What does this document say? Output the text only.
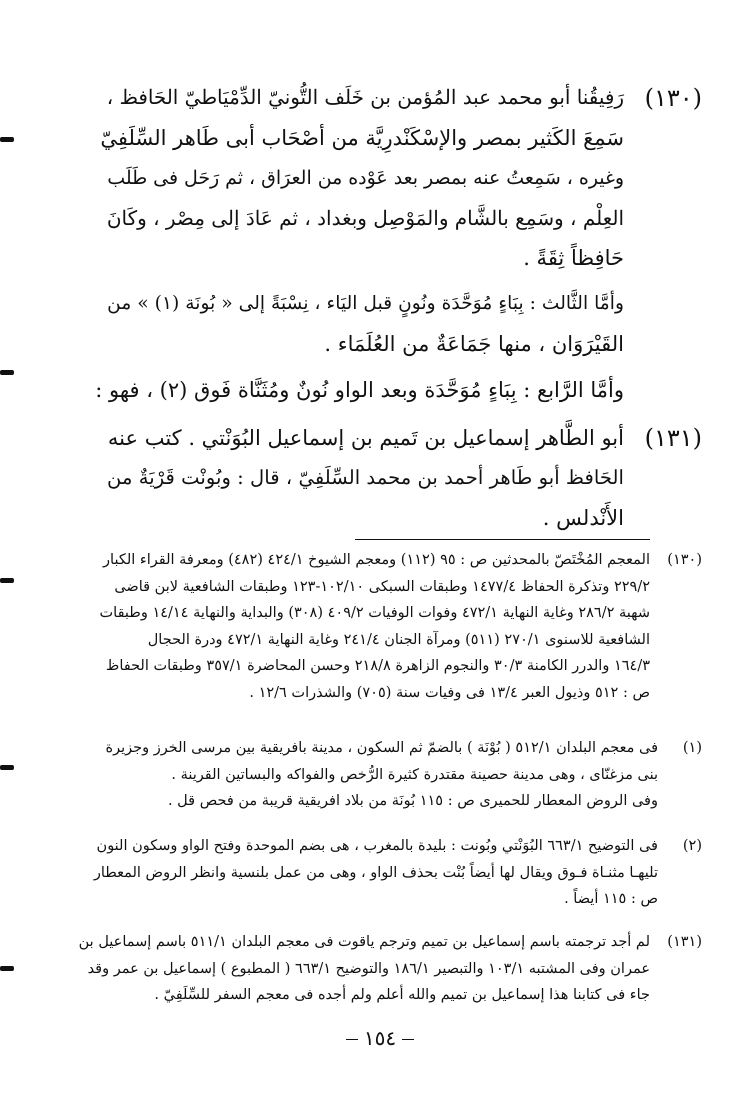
(١٣٠)
رَفِيقُنا أبو محمد عبد المُؤمن بن خَلَف التُّونيّ الدِّمْيَاطيّ الحَافظ ،
سَمِعَ الكَثير بمصر والإسْكَنْدرِيَّة من أصْحَاب أبى طَاهر السِّلَفِيّ
وغيره ، سَمِعتُ عنه بمصر بعد عَوْده من العرَاق ، ثم رَحَل فى طَلَب
العِلْم ، وسَمِع بالشَّام والمَوْصِل وبغداد ، ثم عَادَ إلى مِصْر ، وكَانَ
حَافِظاً ثِقَةً .
وأمَّا الثَّالث : بِبَاءٍ مُوَحَّدَة ونُونٍ قبل اليَاء ، نِسْبَةً إلى « بُونَة (١) » من
القَيْرَوَان ، منها جَمَاعَةٌ من العُلَمَاء .
وأمَّا الرَّابع : بِبَاءٍ مُوَحَّدَة وبعد الواو نُونٌ ومُثَنَّاة فَوق (٢) ، فهو :
(١٣١)
أبو الطَّاهر إسماعيل بن تَميم بن إسماعيل البُوَنْتي . كتب عنه
الحَافظ أبو طَاهر أحمد بن محمد السِّلَفِيّ ، قال : وبُونْت قَرْيَةٌ من
الأَنْدلس .
(١٣٠)
المعجم المُخْتَصّ بالمحدثين ص : ٩٥ (١١٢) ومعجم الشيوخ ٤٢٤/١ (٤٨٢) ومعرفة القراء الكبار
٢٢٩/٢ وتذكرة الحفاظ ١٤٧٧/٤ وطبقات السبكى ١٠٢/١٠-١٢٣ وطبقات الشافعية لابن قاضى
شهبة ٢٨٦/٢ وغاية النهاية ٤٧٢/١ وفوات الوفيات ٤٠٩/٢ (٣٠٨) والبداية والنهاية ١٤/١٤ وطبقات
الشافعية للاسنوى ٢٧٠/١ (٥١١) ومرآة الجنان ٢٤١/٤ وغاية النهاية ٤٧٢/١ ودرة الحجال
١٦٤/٣ والدرر الكامنة ٣٠/٣ والنجوم الزاهرة ٢١٨/٨ وحسن المحاضرة ٣٥٧/١ وطبقات الحفاظ
ص : ٥١٢ وذيول العبر ١٣/٤ فى وفيات سنة (٧٠٥) والشذرات ١٢/٦ .
(١)
فى معجم البلدان ٥١٢/١ ( بُوْنَة ) بالضمّ ثم السكون ، مدينة بافريقية بين مرسى الخرز وجزيرة
بنى مزغنّاى ، وهى مدينة حصينة مقتدرة كثيرة الرُّخص والفواكه والبساتين القرينة .
وفى الروض المعطار للحميرى ص : ١١٥ بُونَة من بلاد افريقية قريبة من فحص قل .
(٢)
فى التوضيح ٦٦٣/١ البُوَنْتي وبُونت : بليدة بالمغرب ، هى بضم الموحدة وفتح الواو وسكون النون
تليهـا مثنـاة فـوق ويقال لها أيضاً بُنْت بحذف الواو ، وهى من عمل بلنسية وانظر الروض المعطار
ص : ١١٥ أيضاً .
(١٣١)
لم أجد ترجمته باسم إسماعيل بن تميم وترجم ياقوت فى معجم البلدان ٥١١/١ باسم إسماعيل بن
عمران وفى المشتبه ١٠٣/١ والتبصير ١٨٦/١ والتوضيح ٦٦٣/١ ( المطبوع ) إسماعيل بن عمر وقد
جاء فى كتابنا هذا إسماعيل بن تميم والله أعلم ولم أجده فى معجم السفر للسِّلَفِيّ .
١٥٤
